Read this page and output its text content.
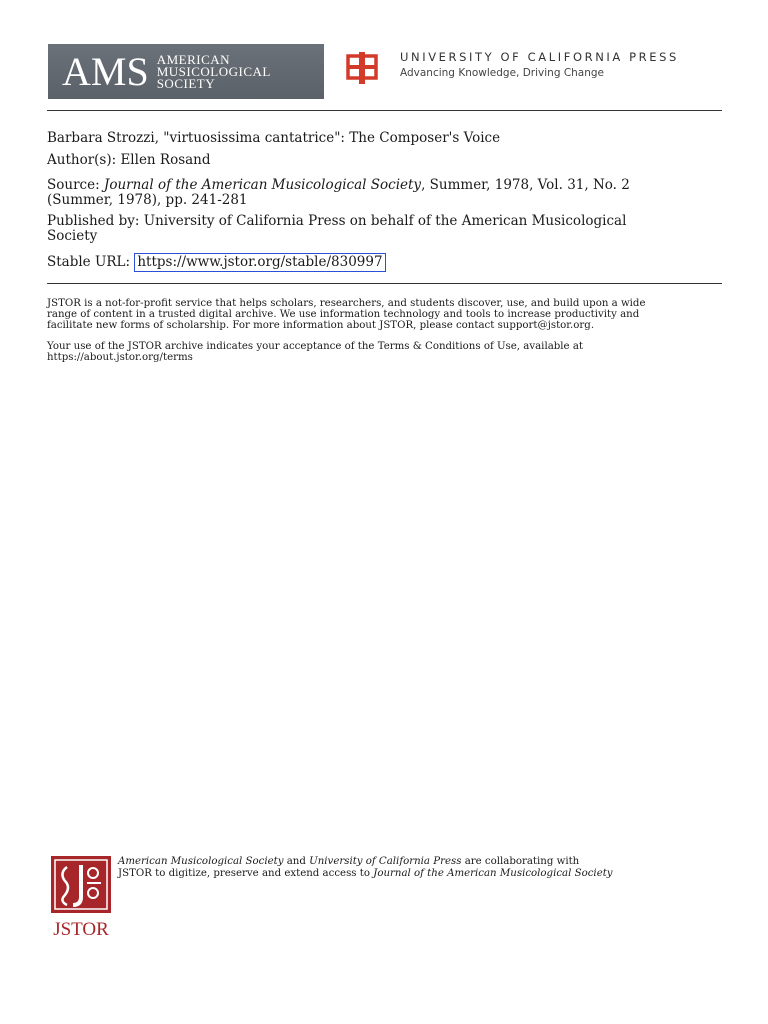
AMS AMERICAN
MUSICOLOGICAL
SOCIETY
UNIVERSITY OF CALIFORNIA PRESS
Advancing Knowledge, Driving Change
Barbara Strozzi, "virtuosissima cantatrice": The Composer's Voice
Author(s): Ellen Rosand
Source: Journal of the American Musicological Society, Summer, 1978, Vol. 31, No. 2
(Summer, 1978), pp. 241-281
Published by: University of California Press on behalf of the American Musicological
Society
Stable URL: https://www.jstor.org/stable/830997
JSTOR is a not-for-profit service that helps scholars, researchers, and students discover, use, and build upon a wide
range of content in a trusted digital archive. We use information technology and tools to increase productivity and
facilitate new forms of scholarship. For more information about JSTOR, please contact support@jstor.org.
Your use of the JSTOR archive indicates your acceptance of the Terms & Conditions of Use, available at
https://about.jstor.org/terms
JSTOR
American Musicological Society and University of California Press are collaborating with
JSTOR to digitize, preserve and extend access to Journal of the American Musicological Society
